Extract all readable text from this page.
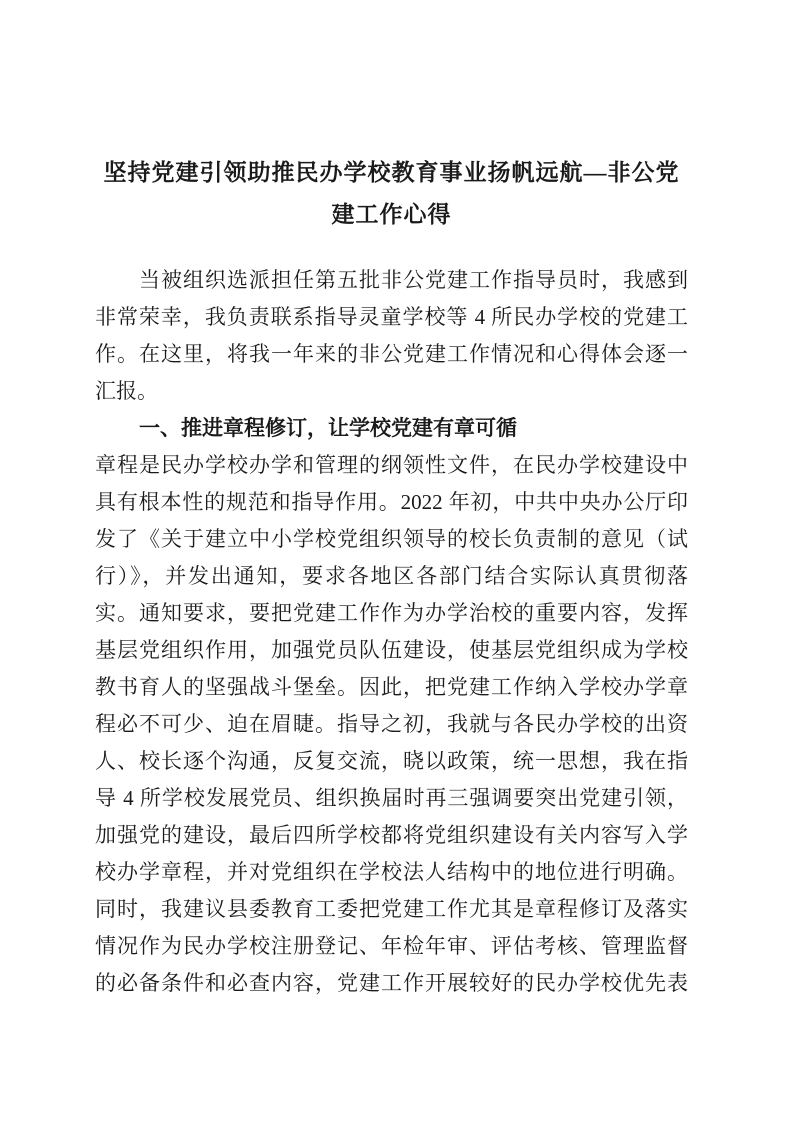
坚持党建引领助推民办学校教育事业扬帆远航—非公党
建工作心得
当被组织选派担任第五批非公党建工作指导员时，我感到
非常荣幸，我负责联系指导灵童学校等 4 所民办学校的党建工
作。在这里，将我一年来的非公党建工作情况和心得体会逐一
汇报。
一、推进章程修订，让学校党建有章可循
章程是民办学校办学和管理的纲领性文件，在民办学校建设中
具有根本性的规范和指导作用。2022 年初，中共中央办公厅印
发了《关于建立中小学校党组织领导的校长负责制的意见（试
行）》，并发出通知，要求各地区各部门结合实际认真贯彻落
实。通知要求，要把党建工作作为办学治校的重要内容，发挥
基层党组织作用，加强党员队伍建设，使基层党组织成为学校
教书育人的坚强战斗堡垒。因此，把党建工作纳入学校办学章
程必不可少、迫在眉睫。指导之初，我就与各民办学校的出资
人、校长逐个沟通，反复交流，晓以政策，统一思想，我在指
导 4 所学校发展党员、组织换届时再三强调要突出党建引领，
加强党的建设，最后四所学校都将党组织建设有关内容写入学
校办学章程，并对党组织在学校法人结构中的地位进行明确。
同时，我建议县委教育工委把党建工作尤其是章程修订及落实
情况作为民办学校注册登记、年检年审、评估考核、管理监督
的必备条件和必查内容，党建工作开展较好的民办学校优先表
